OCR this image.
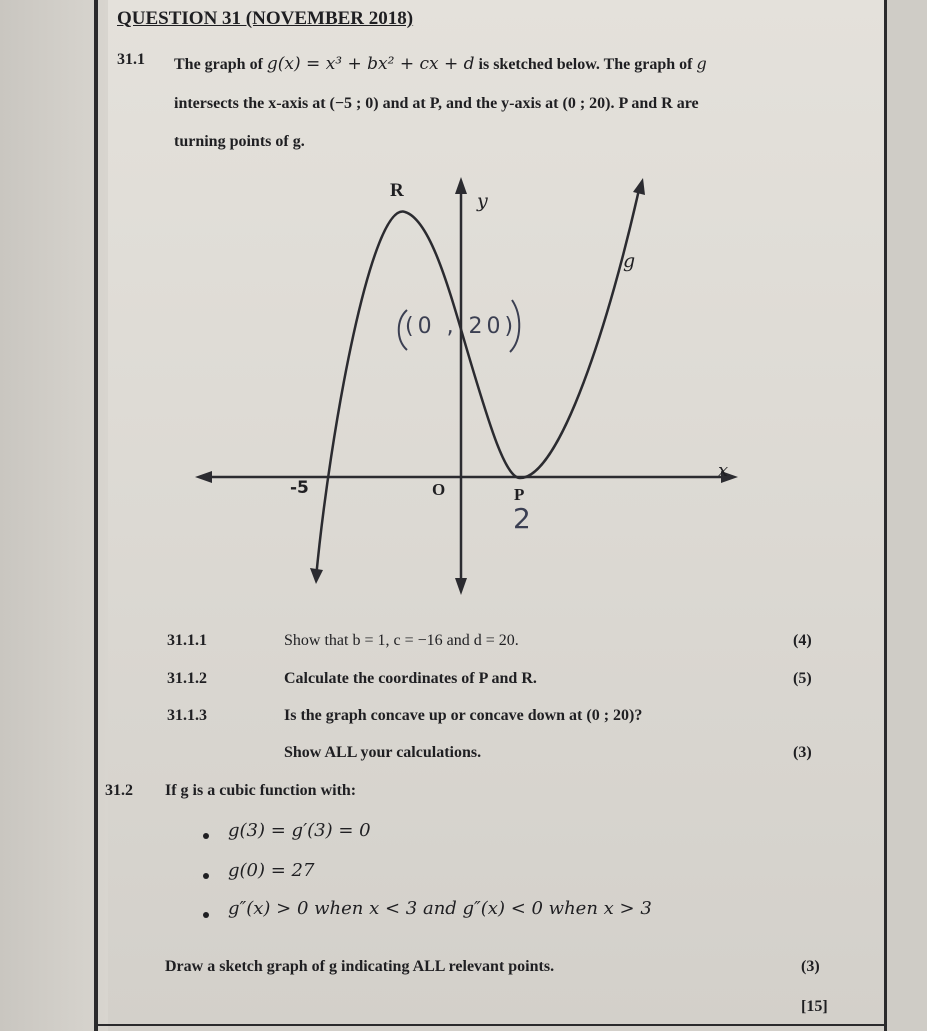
QUESTION 31 (NOVEMBER 2018)
31.1 The graph of g(x) = x³ + bx² + cx + d is sketched below. The graph of g
intersects the x-axis at (−5 ; 0) and at P, and the y-axis at (0 ; 20). P and R are
turning points of g.
R	y
g
(0 , 20)
x
-5	O	P
2
31.1.1	Show that b = 1, c = −16 and d = 20.	(4)
31.1.2	Calculate the coordinates of P and R.	(5)
31.1.3	Is the graph concave up or concave down at (0 ; 20)?
Show ALL your calculations.	(3)
31.2 If g is a cubic function with:
g(3) = g′(3) = 0
g(0) = 27
g″(x) > 0 when x < 3 and g″(x) < 0 when x > 3
Draw a sketch graph of g indicating ALL relevant points.	(3)
[15]
